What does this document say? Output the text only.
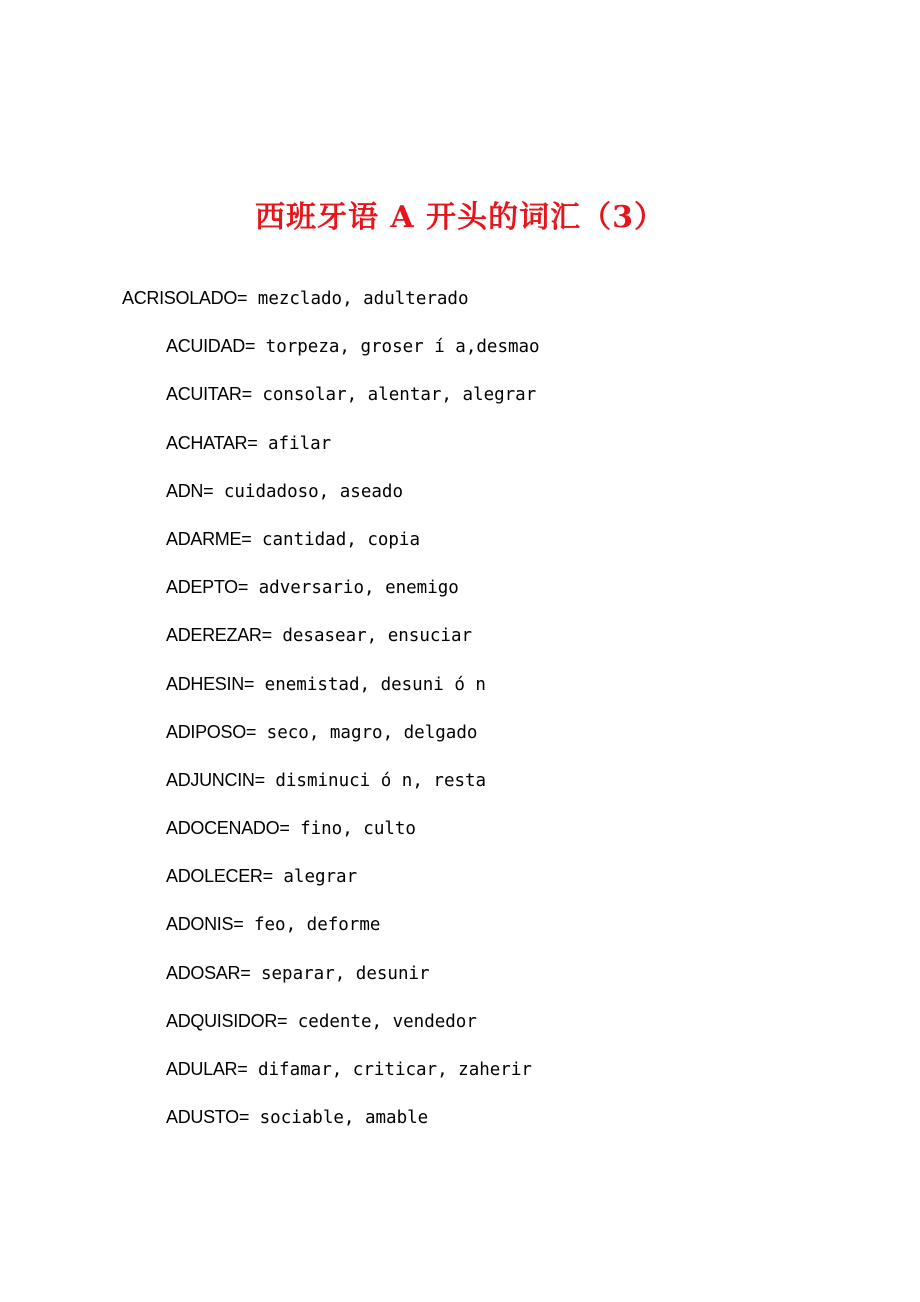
西班牙语 A 开头的词汇（3）
ACRISOLADO= mezclado, adulterado
ACUIDAD= torpeza, groser í a,desmao
ACUITAR= consolar, alentar, alegrar
ACHATAR= afilar
ADN= cuidadoso, aseado
ADARME= cantidad, copia
ADEPTO= adversario, enemigo
ADEREZAR= desasear, ensuciar
ADHESIN= enemistad, desuni ó n
ADIPOSO= seco, magro, delgado
ADJUNCIN= disminuci ó n, resta
ADOCENADO= fino, culto
ADOLECER= alegrar
ADONIS= feo, deforme
ADOSAR= separar, desunir
ADQUISIDOR= cedente, vendedor
ADULAR= difamar, criticar, zaherir
ADUSTO= sociable, amable
